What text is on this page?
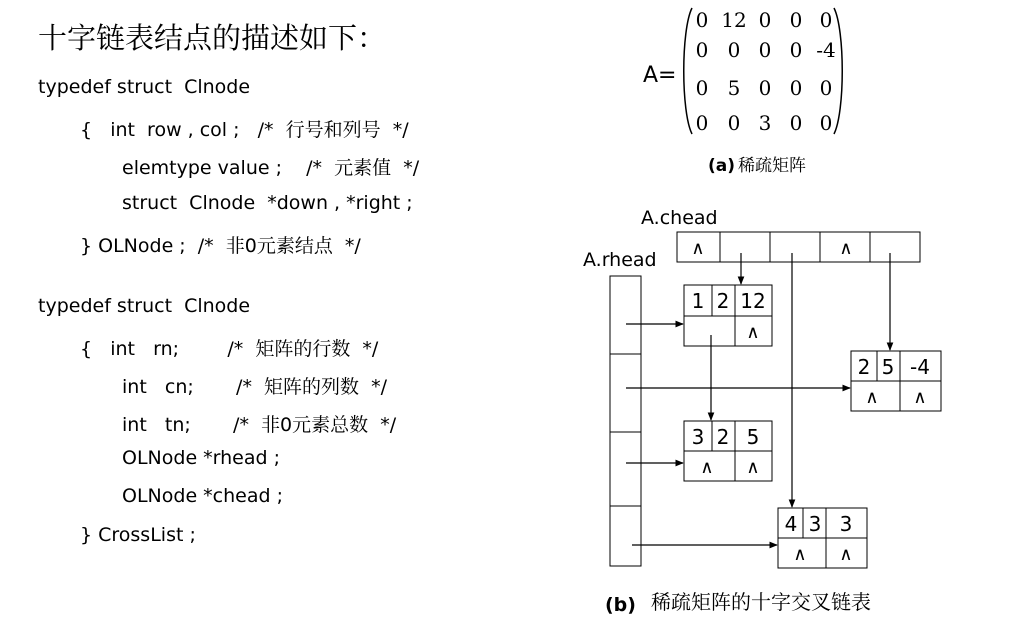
十字链表结点的描述如下：
typedef struct  Clnode
{   int  row , col ;   /*  行号和列号  */
elemtype value ;    /*  元素值  */
struct  Clnode  *down , *right ;
} OLNode ;  /*  非0元素结点  */
typedef struct  Clnode
{   int   rn;        /*  矩阵的行数  */
int   cn;       /*  矩阵的列数  */
int   tn;       /*  非0元素总数  */
OLNode *rhead ;
OLNode *chead ;
} CrossList ;
A=
0 12 0 0 0
0 0 0 0 -4
0 5 0 0 0
0 0 3 0 0
(a) 稀疏矩阵
A.chead
A.rhead
∧	∧
1 2 12
∧
2 5 -4
∧ ∧
3 2 5
∧ ∧
4 3 3
∧ ∧
(b) 稀疏矩阵的十字交叉链表
